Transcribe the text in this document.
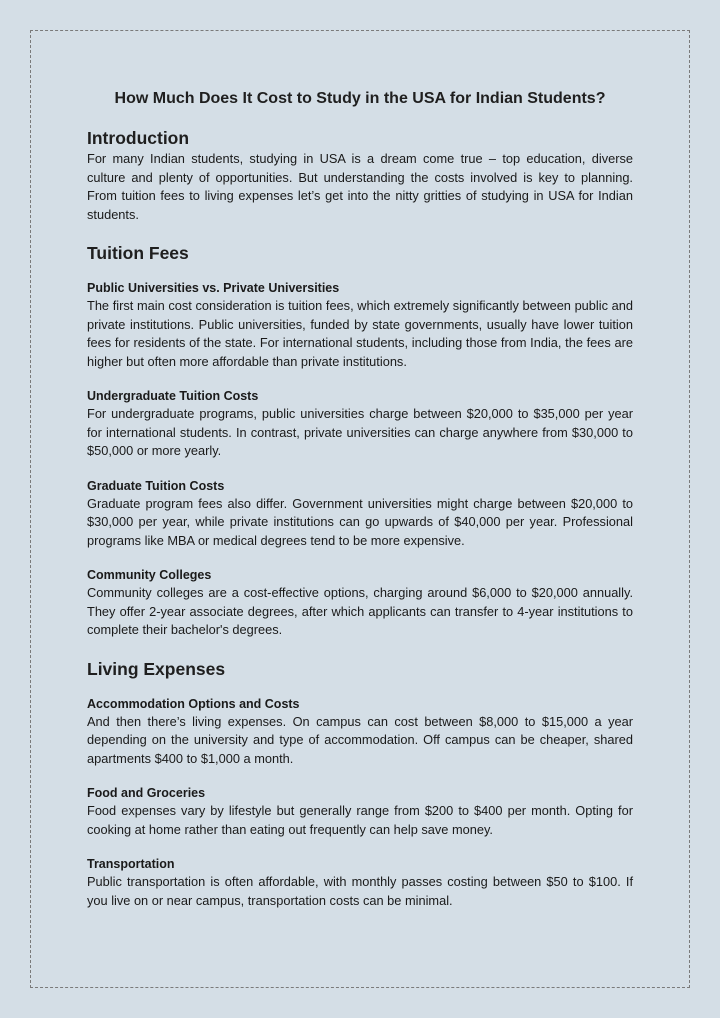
How Much Does It Cost to Study in the USA for Indian Students?
Introduction

For many Indian students, studying in USA is a dream come true – top education, diverse culture and plenty of opportunities. But understanding the costs involved is key to planning. From tuition fees to living expenses let’s get into the nitty gritties of studying in USA for Indian students.

Tuition Fees
Public Universities vs. Private Universities

The first main cost consideration is tuition fees, which extremely significantly between public and private institutions. Public universities, funded by state governments, usually have lower tuition fees for residents of the state. For international students, including those from India, the fees are higher but often more affordable than private institutions.

Undergraduate Tuition Costs

For undergraduate programs, public universities charge between $20,000 to $35,000 per year for international students. In contrast, private universities can charge anywhere from $30,000 to $50,000 or more yearly.

Graduate Tuition Costs

Graduate program fees also differ. Government universities might charge between $20,000 to $30,000 per year, while private institutions can go upwards of $40,000 per year. Professional programs like MBA or medical degrees tend to be more expensive.

Community Colleges

Community colleges are a cost-effective options, charging around $6,000 to $20,000 annually. They offer 2-year associate degrees, after which applicants can transfer to 4-year institutions to complete their bachelor's degrees.

Living Expenses
Accommodation Options and Costs

And then there’s living expenses. On campus can cost between $8,000 to $15,000 a year depending on the university and type of accommodation. Off campus can be cheaper, shared apartments $400 to $1,000 a month.

Food and Groceries

Food expenses vary by lifestyle but generally range from $200 to $400 per month. Opting for cooking at home rather than eating out frequently can help save money.

Transportation

Public transportation is often affordable, with monthly passes costing between $50 to $100. If you live on or near campus, transportation costs can be minimal.
